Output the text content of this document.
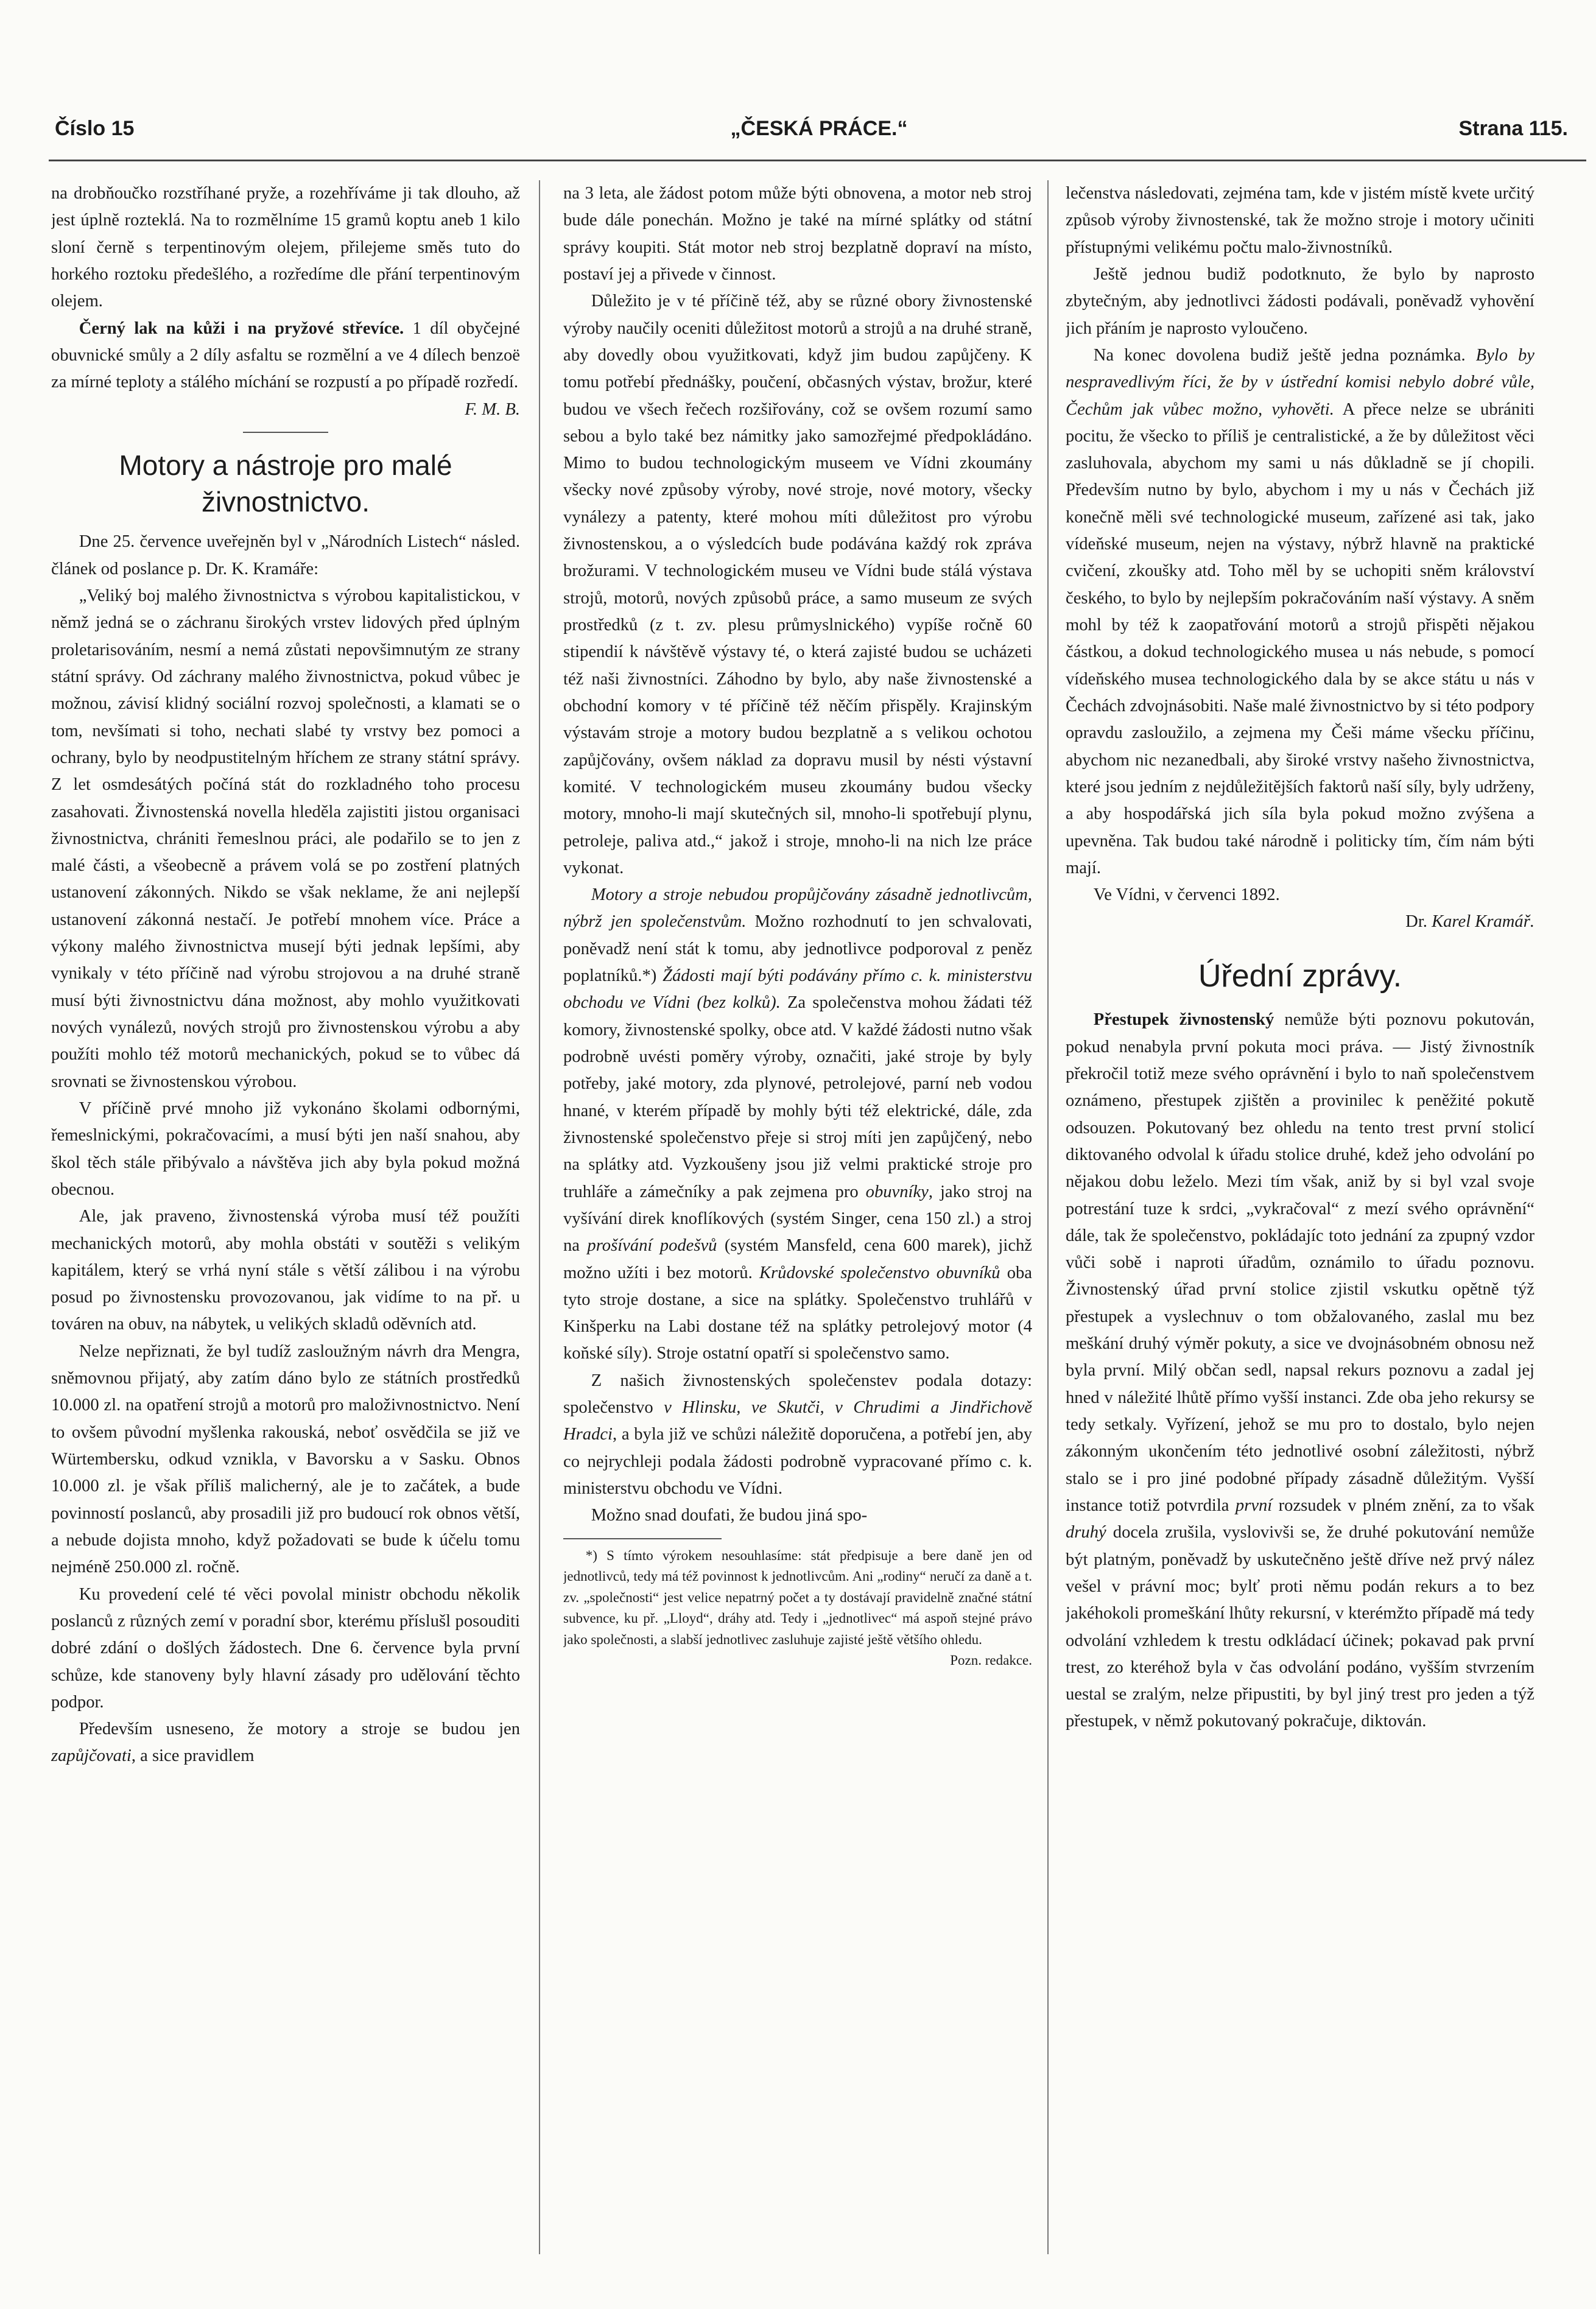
Číslo 15	„ČESKÁ PRÁCE.“	Strana 115.

na drobňoučko rozstříhané pryže, a rozehříváme ji tak dlouho, až jest úplně rozteklá. Na to rozmělníme 15 gramů koptu aneb 1 kilo sloní černě s terpentinovým olejem, přilejeme směs tuto do horkého roztoku předešlého, a rozředíme dle přání terpentinovým olejem.

Černý lak na kůži i na pryžové střevíce. 1 díl obyčejné obuvnické smůly a 2 díly asfaltu se rozmělní a ve 4 dílech benzoë za mírné teploty a stálého míchání se rozpustí a po případě rozředí.

F. M. B.

Motory a nástroje pro malé živnostnictvo.

Dne 25. července uveřejněn byl v „Národních Listech“ násled. článek od poslance p. Dr. K. Kramáře:

„Veliký boj malého živnostnictva s výrobou kapitalistickou, v němž jedná se o záchranu širokých vrstev lidových před úplným proletarisováním, nesmí a nemá zůstati nepovšimnutým ze strany státní správy. Od záchrany malého živnostnictva, pokud vůbec je možnou, závisí klidný sociální rozvoj společnosti, a klamati se o tom, nevšímati si toho, nechati slabé ty vrstvy bez pomoci a ochrany, bylo by neodpustitelným hříchem ze strany státní správy. Z let osmdesátých počíná stát do rozkladného toho procesu zasahovati. Živnostenská novella hleděla zajistiti jistou organisaci živnostnictva, chrániti řemeslnou práci, ale podařilo se to jen z malé části, a všeobecně a právem volá se po zostření platných ustanovení zákonných. Nikdo se však neklame, že ani nejlepší ustanovení zákonná nestačí. Je potřebí mnohem více. Práce a výkony malého živnostnictva musejí býti jednak lepšími, aby vynikaly v této příčině nad výrobu strojovou a na druhé straně musí býti živnostnictvu dána možnost, aby mohlo využitkovati nových vynálezů, nových strojů pro živnostenskou výrobu a aby použíti mohlo též motorů mechanických, pokud se to vůbec dá srovnati se živnostenskou výrobou.

V příčině prvé mnoho již vykonáno školami odbornými, řemeslnickými, pokračovacími, a musí býti jen naší snahou, aby škol těch stále přibývalo a návštěva jich aby byla pokud možná obecnou.

Ale, jak praveno, živnostenská výroba musí též použíti mechanických motorů, aby mohla obstáti v soutěži s velikým kapitálem, který se vrhá nyní stále s větší zálibou i na výrobu posud po živnostensku provozovanou, jak vidíme to na př. u továren na obuv, na nábytek, u velikých skladů oděvních atd.

Nelze nepřiznati, že byl tudíž zasloužným návrh dra Mengra, sněmovnou přijatý, aby zatím dáno bylo ze státních prostředků 10.000 zl. na opatření strojů a motorů pro maloživnostnictvo. Není to ovšem původní myšlenka rakouská, neboť osvědčila se již ve Würtembersku, odkud vznikla, v Bavorsku a v Sasku. Obnos 10.000 zl. je však příliš malicherný, ale je to začátek, a bude povinností poslanců, aby prosadili již pro budoucí rok obnos větší, a nebude dojista mnoho, když požadovati se bude k účelu tomu nejméně 250.000 zl. ročně.

Ku provedení celé té věci povolal ministr obchodu několik poslanců z různých zemí v poradní sbor, kterému příslušl posouditi dobré zdání o došlých žádostech. Dne 6. července byla první schůze, kde stanoveny byly hlavní zásady pro udělování těchto podpor.

Především usneseno, že motory a stroje se budou jen zapůjčovati, a sice pravidlem

na 3 leta, ale žádost potom může býti obnovena, a motor neb stroj bude dále ponechán. Možno je také na mírné splátky od státní správy koupiti. Stát motor neb stroj bezplatně dopraví na místo, postaví jej a přivede v činnost.

Důležito je v té příčině též, aby se různé obory živnostenské výroby naučily oceniti důležitost motorů a strojů a na druhé straně, aby dovedly obou využitkovati, když jim budou zapůjčeny. K tomu potřebí přednášky, poučení, občasných výstav, brožur, které budou ve všech řečech rozšiřovány, což se ovšem rozumí samo sebou a bylo také bez námitky jako samozřejmé předpokládáno. Mimo to budou technologickým museem ve Vídni zkoumány všecky nové způsoby výroby, nové stroje, nové motory, všecky vynálezy a patenty, které mohou míti důležitost pro výrobu živnostenskou, a o výsledcích bude podávána každý rok zpráva brožurami. V technologickém museu ve Vídni bude stálá výstava strojů, motorů, nových způsobů práce, a samo museum ze svých prostředků (z t. zv. plesu průmyslnického) vypíše ročně 60 stipendií k návštěvě výstavy té, o která zajisté budou se ucházeti též naši živnostníci. Záhodno by bylo, aby naše živnostenské a obchodní komory v té příčině též něčím přispěly. Krajinským výstavám stroje a motory budou bezplatně a s velikou ochotou zapůjčovány, ovšem náklad za dopravu musil by nésti výstavní komité. V technologickém museu zkoumány budou všecky motory, mnoho-li mají skutečných sil, mnoho-li spotřebují plynu, petroleje, paliva atd.,“ jakož i stroje, mnoho-li na nich lze práce vykonat.

Motory a stroje nebudou propůjčovány zásadně jednotlivcům, nýbrž jen společenstvům. Možno rozhodnutí to jen schvalovati, poněvadž není stát k tomu, aby jednotlivce podporoval z peněz poplatníků.*) Žádosti mají býti podávány přímo c. k. ministerstvu obchodu ve Vídni (bez kolků). Za společenstva mohou žádati též komory, živnostenské spolky, obce atd. V každé žádosti nutno však podrobně uvésti poměry výroby, označiti, jaké stroje by byly potřeby, jaké motory, zda plynové, petrolejové, parní neb vodou hnané, v kterém případě by mohly býti též elektrické, dále, zda živnostenské společenstvo přeje si stroj míti jen zapůjčený, nebo na splátky atd. Vyzkoušeny jsou již velmi praktické stroje pro truhláře a zámečníky a pak zejmena pro obuvníky, jako stroj na vyšívání direk knoflíkových (systém Singer, cena 150 zl.) a stroj na prošívání podešvů (systém Mansfeld, cena 600 marek), jichž možno užíti i bez motorů. Krůdovské společenstvo obuvníků oba tyto stroje dostane, a sice na splátky. Společenstvo truhlářů v Kinšperku na Labi dostane též na splátky petrolejový motor (4 koňské síly). Stroje ostatní opatří si společenstvo samo.

Z našich živnostenských společenstev podala dotazy: společenstvo v Hlinsku, ve Skutči, v Chrudimi a Jindřichově Hradci, a byla již ve schůzi náležitě doporučena, a potřebí jen, aby co nejrychleji podala žádosti podrobně vypracované přímo c. k. ministerstvu obchodu ve Vídni.

Možno snad doufati, že budou jiná spo-

*) S tímto výrokem nesouhlasíme: stát předpisuje a bere daně jen od jednotlivců, tedy má též povinnost k jednotlivcům. Ani „rodiny“ neručí za daně a t. zv. „společnosti“ jest velice nepatrný počet a ty dostávají pravidelně značné státní subvence, ku př. „Lloyd“, dráhy atd. Tedy i „jednotlivec“ má aspoň stejné právo jako společnosti, a slabší jednotlivec zasluhuje zajisté ještě většího ohledu.

Pozn. redakce.

lečenstva následovati, zejména tam, kde v jistém místě kvete určitý způsob výroby živnostenské, tak že možno stroje i motory učiniti přístupnými velikému počtu malo-živnostníků.

Ještě jednou budiž podotknuto, že bylo by naprosto zbytečným, aby jednotlivci žádosti podávali, poněvadž vyhovění jich přáním je naprosto vyloučeno.

Na konec dovolena budiž ještě jedna poznámka. Bylo by nespravedlivým říci, že by v ústřední komisi nebylo dobré vůle, Čechům jak vůbec možno, vyhověti. A přece nelze se ubrániti pocitu, že všecko to příliš je centralistické, a že by důležitost věci zasluhovala, abychom my sami u nás důkladně se jí chopili. Především nutno by bylo, abychom i my u nás v Čechách již konečně měli své technologické museum, zařízené asi tak, jako vídeňské museum, nejen na výstavy, nýbrž hlavně na praktické cvičení, zkoušky atd. Toho měl by se uchopiti sněm království českého, to bylo by nejlepším pokračováním naší výstavy. A sněm mohl by též k zaopatřování motorů a strojů přispěti nějakou částkou, a dokud technologického musea u nás nebude, s pomocí vídeňského musea technologického dala by se akce státu u nás v Čechách zdvojnásobiti. Naše malé živnostnictvo by si této podpory opravdu zasloužilo, a zejmena my Češi máme všecku příčinu, abychom nic nezanedbali, aby široké vrstvy našeho živnostnictva, které jsou jedním z nejdůležitějších faktorů naší síly, byly udrženy, a aby hospodářská jich síla byla pokud možno zvýšena a upevněna. Tak budou také národně i politicky tím, čím nám býti mají.

Ve Vídni, v červenci 1892.

Dr. Karel Kramář.

Úřední zprávy.

Přestupek živnostenský nemůže býti poznovu pokutován, pokud nenabyla první pokuta moci práva. — Jistý živnostník překročil totiž meze svého oprávnění i bylo to naň společenstvem oznámeno, přestupek zjištěn a provinilec k peněžité pokutě odsouzen. Pokutovaný bez ohledu na tento trest první stolicí diktovaného odvolal k úřadu stolice druhé, kdež jeho odvolání po nějakou dobu leželo. Mezi tím však, aniž by si byl vzal svoje potrestání tuze k srdci, „vykračoval“ z mezí svého oprávnění“ dále, tak že společenstvo, pokládajíc toto jednání za zpupný vzdor vůči sobě i naproti úřadům, oznámilo to úřadu poznovu. Živnostenský úřad první stolice zjistil vskutku opětně týž přestupek a vyslechnuv o tom obžalovaného, zaslal mu bez meškání druhý výměr pokuty, a sice ve dvojnásobném obnosu než byla první. Milý občan sedl, napsal rekurs poznovu a zadal jej hned v náležité lhůtě přímo vyšší instanci. Zde oba jeho rekursy se tedy setkaly. Vyřízení, jehož se mu pro to dostalo, bylo nejen zákonným ukončením této jednotlivé osobní záležitosti, nýbrž stalo se i pro jiné podobné případy zásadně důležitým. Vyšší instance totiž potvrdila první rozsudek v plném znění, za to však druhý docela zrušila, vyslovivši se, že druhé pokutování nemůže být platným, poněvadž by uskutečněno ještě dříve než prvý nález vešel v právní moc; bylť proti němu podán rekurs a to bez jakéhokoli promeškání lhůty rekursní, v kterémžto případě má tedy odvolání vzhledem k trestu odkládací účinek; pokavad pak první trest, zo kteréhož byla v čas odvolání podáno, vyšším stvrzením uestal se zralým, nelze připustiti, by byl jiný trest pro jeden a týž přestupek, v němž pokutovaný pokračuje, diktován.
